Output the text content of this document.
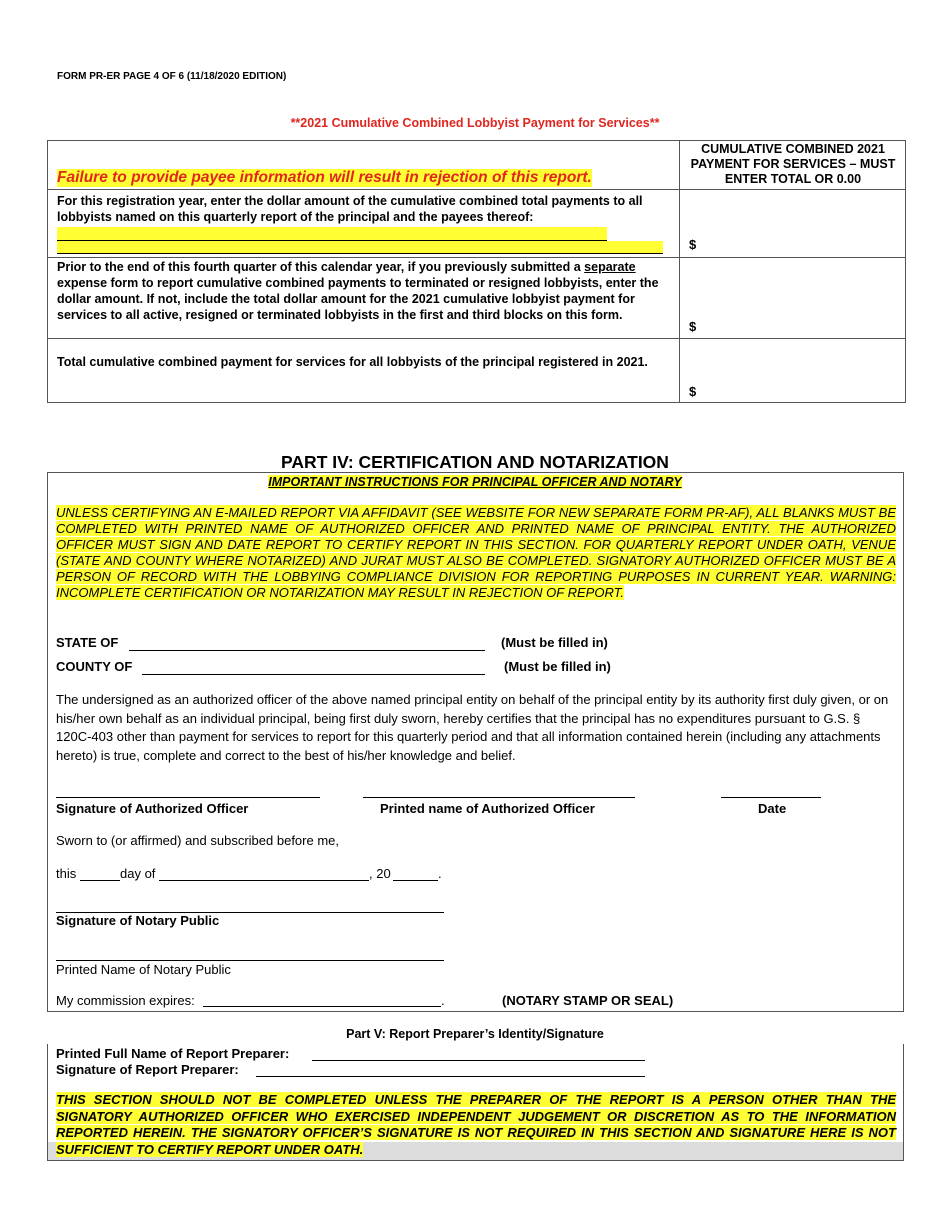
FORM PR-ER PAGE 4 OF 6 (11/18/2020 EDITION)
**2021 Cumulative Combined Lobbyist Payment for Services**
Failure to provide payee information will result in rejection of this report.
CUMULATIVE COMBINED 2021 PAYMENT FOR SERVICES – MUST ENTER TOTAL OR 0.00
For this registration year, enter the dollar amount of the cumulative combined total payments to all lobbyists named on this quarterly report of the principal and the payees thereof:
$
Prior to the end of this fourth quarter of this calendar year, if you previously submitted a separate expense form to report cumulative combined payments to terminated or resigned lobbyists, enter the dollar amount. If not, include the total dollar amount for the 2021 cumulative lobbyist payment for services to all active, resigned or terminated lobbyists in the first and third blocks on this form.
$
Total cumulative combined payment for services for all lobbyists of the principal registered in 2021.
$
PART IV: CERTIFICATION AND NOTARIZATION
IMPORTANT INSTRUCTIONS FOR PRINCIPAL OFFICER AND NOTARY
UNLESS CERTIFYING AN E-MAILED REPORT VIA AFFIDAVIT (SEE WEBSITE FOR NEW SEPARATE FORM PR-AF), ALL BLANKS MUST BE COMPLETED WITH PRINTED NAME OF AUTHORIZED OFFICER AND PRINTED NAME OF PRINCIPAL ENTITY. THE AUTHORIZED OFFICER MUST SIGN AND DATE REPORT TO CERTIFY REPORT IN THIS SECTION. FOR QUARTERLY REPORT UNDER OATH, VENUE (STATE AND COUNTY WHERE NOTARIZED) AND JURAT MUST ALSO BE COMPLETED. SIGNATORY AUTHORIZED OFFICER MUST BE A PERSON OF RECORD WITH THE LOBBYING COMPLIANCE DIVISION FOR REPORTING PURPOSES IN CURRENT YEAR. WARNING: INCOMPLETE CERTIFICATION OR NOTARIZATION MAY RESULT IN REJECTION OF REPORT.
STATE OF	(Must be filled in)
COUNTY OF	(Must be filled in)
The undersigned as an authorized officer of the above named principal entity on behalf of the principal entity by its authority first duly given, or on his/her own behalf as an individual principal, being first duly sworn, hereby certifies that the principal has no expenditures pursuant to G.S. § 120C-403 other than payment for services to report for this quarterly period and that all information contained herein (including any attachments hereto) is true, complete and correct to the best of his/her knowledge and belief.
Signature of Authorized Officer	Printed name of Authorized Officer	Date
Sworn to (or affirmed) and subscribed before me,
this	day of	, 20	.
Signature of Notary Public
Printed Name of Notary Public
My commission expires:	.	(NOTARY STAMP OR SEAL)
Part V: Report Preparer’s Identity/Signature
Printed Full Name of Report Preparer:
Signature of Report Preparer:
THIS SECTION SHOULD NOT BE COMPLETED UNLESS THE PREPARER OF THE REPORT IS A PERSON OTHER THAN THE SIGNATORY AUTHORIZED OFFICER WHO EXERCISED INDEPENDENT JUDGEMENT OR DISCRETION AS TO THE INFORMATION REPORTED HEREIN. THE SIGNATORY OFFICER’S SIGNATURE IS NOT REQUIRED IN THIS SECTION AND SIGNATURE HERE IS NOT SUFFICIENT TO CERTIFY REPORT UNDER OATH.
